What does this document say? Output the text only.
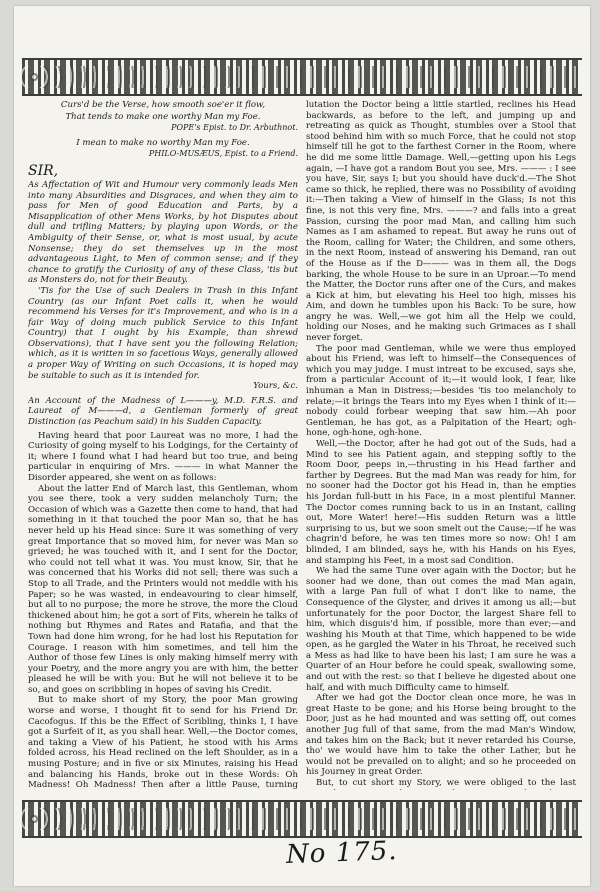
Curs'd be the Verse, how smooth soe'er it flow,

That tends to make one worthy Man my Foe.

POPE's Epist. to Dr. Arbuthnot.

I mean to make no worthy Man my Foe.

PHILO-MUSÆUS, Epist. to a Friend.

SIR,

As Affectation of Wit and Humour very commonly leads Men into many Absurdities and Disgraces, and when they aim to pass for Men of good Education and Parts, by a Misapplication of other Mens Works, by hot Disputes about dull and trifling Matters; by playing upon Words, or the Ambiguity of their Sense, or, what is most usual, by acute Nonsense; they do set themselves up in the most advantageous Light, to Men of common sense; and if they chance to gratify the Curiosity of any of these Class, 'tis but as Monsters do, not for their Beauty.

'Tis for the Use of such Dealers in Trash in this Infant Country (as our Infant Poet calls it, when he would recommend his Verses for it's Improvement, and who is in a fair Way of doing much publick Service to this Infant Country) that I ought by his Example, than shrewd Observations), that I have sent you the following Relation; which, as it is written in so facetious Ways, generally allowed a proper Way of Writing on such Occasions, it is hoped may be suitable to such as it is intended for.

Yours, &c.

An Account of the Madness of L———y, M.D. F.R.S. and Laureat of M———d, a Gentleman formerly of great Distinction (as Peachum said) in his Sudden Capacity.

Having heard that poor Laureat was no more, I had the Curiosity of going myself to his Lodgings, for the Certainty of it; where I found what I had heard but too true, and being particular in enquiring of Mrs. ——— in what Manner the Disorder appeared, she went on as follows:

About the latter End of March last, this Gentleman, whom you see there, took a very sudden melancholy Turn; the Occasion of which was a Gazette then come to hand, that had something in it that touched the poor Man so, that he has never held up his Head since: Sure it was something of very great Importance that so moved him, for never was Man so grieved; he was touched with it, and I sent for the Doctor, who could not tell what it was. You must know, Sir, that he was concerned that his Works did not sell; there was such a Stop to all Trade, and the Printers would not meddle with his Paper; so he was wasted, in endeavouring to clear himself, but all to no purpose; the more he strove, the more the Cloud thickened about him; he got a sort of Fits, wherein he talks of nothing but Rhymes and Rates and Ratafia, and that the Town had done him wrong, for he had lost his Reputation for Courage. I reason with him sometimes, and tell him the Author of those few Lines is only making himself merry with your Poetry, and the more angry you are with him, the better pleased he will be with you: But he will not believe it to be so, and goes on scribbling in hopes of saving his Credit.

But to make short of my Story, the poor Man growing worse and worse, I thought fit to send for his Friend Dr. Cacofogus. If this be the Effect of Scribling, thinks I, I have got a Surfeit of it, as you shall hear. Well,—the Doctor comes, and taking a View of his Patient, he stood with his Arms folded across, his Head reclined on the left Shoulder, as in a musing Posture; and in five or six Minutes, raising his Head and balancing his Hands, broke out in these Words: Oh Madness! Oh Madness! Then after a little Pause, turning

lutation the Doctor being a little startled, reclines his Head backwards, as before to the left, and jumping up and retreating as quick as Thought, stumbles over a Stool that stood behind him with so much Force, that he could not stop himself till he got to the farthest Corner in the Room, where he did me some little Damage. Well,—getting upon his Legs again, —I have got a random Bout you see, Mrs. ——— : I see you have, Sir, says I; but you should have duck'd.—The Shot came so thick, he replied, there was no Possibility of avoiding it:—Then taking a View of himself in the Glass; Is not this fine, is not this very fine, Mrs. ———? and falls into a great Passion, cursing the poor mad Man, and calling him such Names as I am ashamed to repeat. But away he runs out of the Room, calling for Water; the Children, and some others, in the next Room, instead of answering his Demand, ran out of the House as if the D——— was in them all, the Dogs barking, the whole House to be sure in an Uproar.—To mend the Matter, the Doctor runs after one of the Curs, and makes a Kick at him, but elevating his Heel too high, misses his Aim, and down he tumbles upon his Back: To be sure, how angry he was. Well,—we got him all the Help we could, holding our Noses, and he making such Grimaces as I shall never forget.

The poor mad Gentleman, while we were thus employed about his Friend, was left to himself—the Consequences of which you may judge. I must intreat to be excused, says she, from a particular Account of it;—it would look, I fear, like inhuman a Man in Distress;—besides 'tis too melancholy to relate;—it brings the Tears into my Eyes when I think of it:—nobody could forbear weeping that saw him.—Ah poor Gentleman, he has got, as a Palpitation of the Heart; ogh-hone, ogh-hone, ogh-hone.

Well,—the Doctor, after he had got out of the Suds, had a Mind to see his Patient again, and stepping softly to the Room Door, peeps in,—thrusting in his Head farther and farther by Degrees. But the mad Man was ready for him, for no sooner had the Doctor got his Head in, than he empties his Jordan full-butt in his Face, in a most plentiful Manner. The Doctor comes running back to us in an Instant, calling out, More Water! here!—His sudden Return was a little surprising to us, but we soon smelt out the Cause;—if he was chagrin'd before, he was ten times more so now: Oh! I am blinded, I am blinded, says he, with his Hands on his Eyes, and stamping his Feet, in a most sad Condition.

We had the same Tune over again with the Doctor; but he sooner had we done, than out comes the mad Man again, with a large Pan full of what I don't like to name, the Consequence of the Glyster, and drives it among us all;—but unfortunately for the poor Doctor, the largest Share fell to him, which disguis'd him, if possible, more than ever;—and washing his Mouth at that Time, which happened to be wide open, as he gargled the Water in his Throat, he received such a Mess as had like to have been his last; I am sure he was a Quarter of an Hour before he could speak, swallowing some, and out with the rest: so that I believe he digested about one half, and with much Difficulty came to himself.

After we had got the Doctor clean once more, he was in great Haste to be gone; and his Horse being brought to the Door, just as he had mounted and was setting off, out comes another Jug full of that same, from the mad Man's Window, and takes him on the Back; but it never retarded his Course, tho' we would have him to take the other Lather, but he would not be prevailed on to alight; and so he proceeded on his Journey in great Order.

But, to cut short my Story, we were obliged to the last

No 175.
